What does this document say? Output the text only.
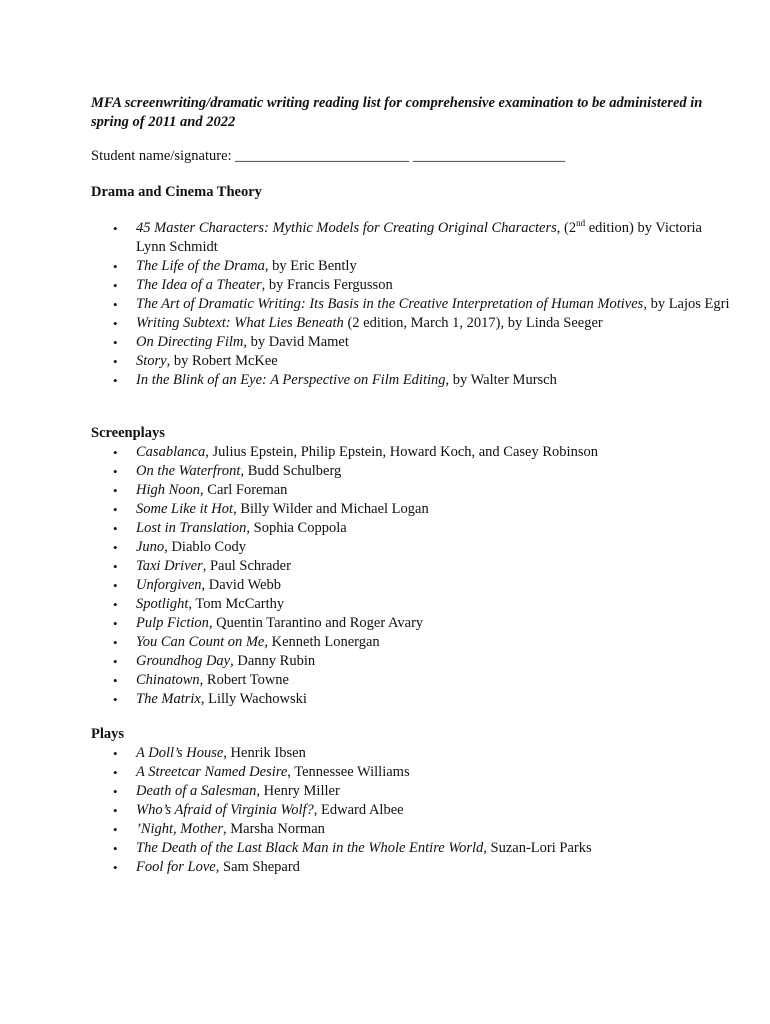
MFA screenwriting/dramatic writing reading list for comprehensive examination to be administered in spring of 2011 and 2022

Student name/signature: ________________________ _____________________
Drama and Cinema Theory
• 45 Master Characters: Mythic Models for Creating Original Characters, (2nd edition) by Victoria Lynn Schmidt
• The Life of the Drama, by Eric Bently
• The Idea of a Theater, by Francis Fergusson
• The Art of Dramatic Writing: Its Basis in the Creative Interpretation of Human Motives, by Lajos Egri
• Writing Subtext: What Lies Beneath (2 edition, March 1, 2017), by Linda Seeger
• On Directing Film, by David Mamet
• Story, by Robert McKee
• In the Blink of an Eye: A Perspective on Film Editing, by Walter Mursch
Screenplays
• Casablanca, Julius Epstein, Philip Epstein, Howard Koch, and Casey Robinson
• On the Waterfront, Budd Schulberg
• High Noon, Carl Foreman
• Some Like it Hot, Billy Wilder and Michael Logan
• Lost in Translation, Sophia Coppola
• Juno, Diablo Cody
• Taxi Driver, Paul Schrader
• Unforgiven, David Webb
• Spotlight, Tom McCarthy
• Pulp Fiction, Quentin Tarantino and Roger Avary
• You Can Count on Me, Kenneth Lonergan
• Groundhog Day, Danny Rubin
• Chinatown, Robert Towne
• The Matrix, Lilly Wachowski
Plays
• A Doll’s House, Henrik Ibsen
• A Streetcar Named Desire, Tennessee Williams
• Death of a Salesman, Henry Miller
• Who’s Afraid of Virginia Wolf?, Edward Albee
• ’Night, Mother, Marsha Norman
• The Death of the Last Black Man in the Whole Entire World, Suzan-Lori Parks
• Fool for Love, Sam Shepard
